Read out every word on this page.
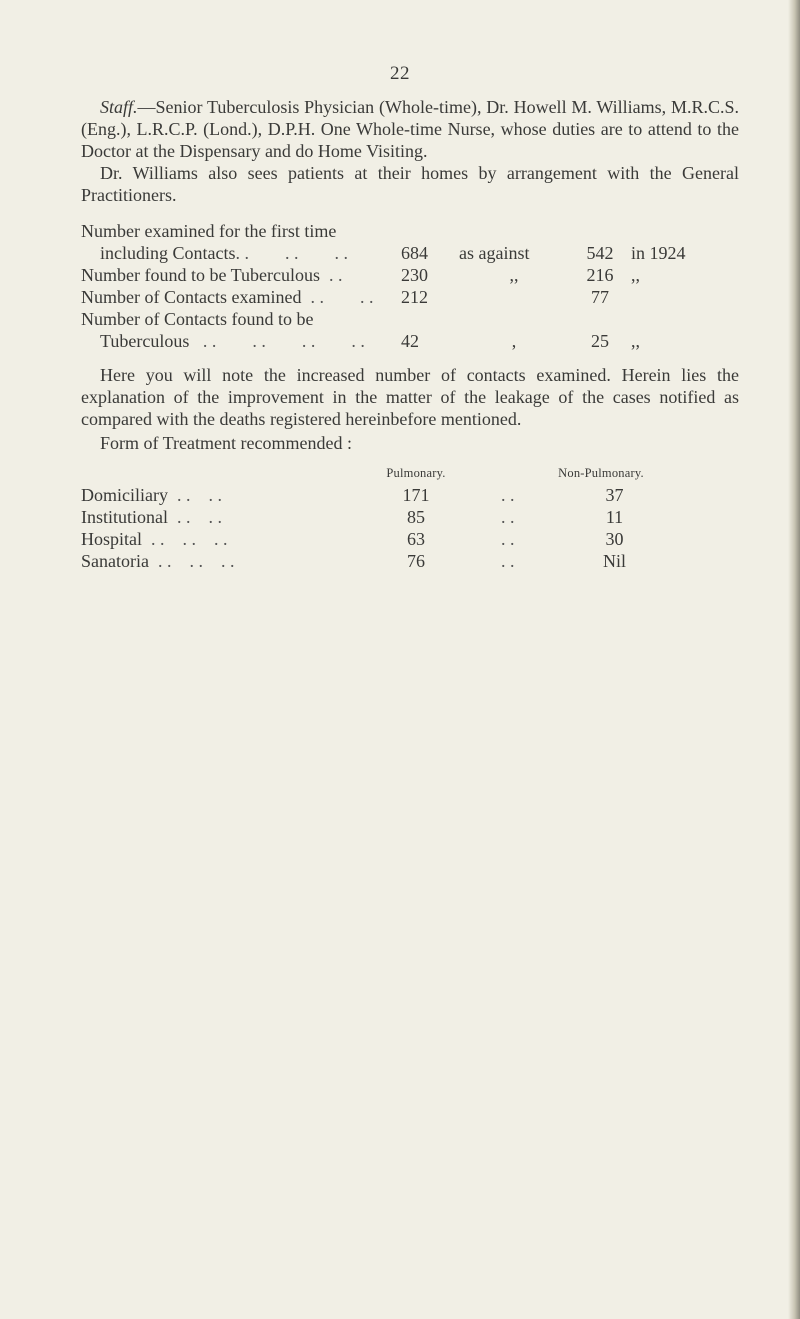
22

Staff.—Senior Tuberculosis Physician (Whole-time), Dr. Howell M. Williams, M.R.C.S. (Eng.), L.R.C.P. (Lond.), D.P.H. One Whole-time Nurse, whose duties are to attend to the Doctor at the Dispensary and do Home Visiting.

Dr. Williams also sees patients at their homes by arrangement with the General Practitioners.

Number examined for the first time
including Contacts. .        . .        . .	684	as against	542 in 1924
Number found to be Tuberculous  . .	230	,,	216 ,,
Number of Contacts examined  . .        . .	212	77
Number of Contacts found to be
Tuberculous   . .        . .        . .        . .	42	,	25	,,

Here you will note the increased number of contacts examined. Herein lies the explanation of the improvement in the matter of the leakage of the cases notified as compared with the deaths registered hereinbefore mentioned.

Form of Treatment recommended :
Pulmonary.	Non-Pulmonary.
Domiciliary  . .    . .	171	. .	37
Institutional  . .    . .	85	. .	11
Hospital  . .    . .    . .	63	. .	30
Sanatoria  . .    . .    . .	76	. .	Nil
